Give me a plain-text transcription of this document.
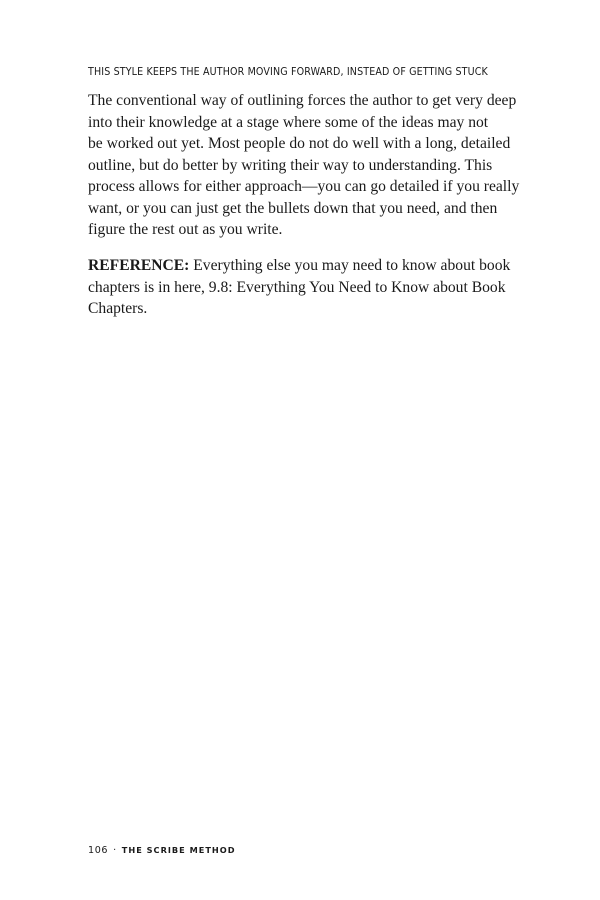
THIS STYLE KEEPS THE AUTHOR MOVING FORWARD, INSTEAD OF GETTING STUCK
The conventional way of outlining forces the author to get very deep
into their knowledge at a stage where some of the ideas may not
be worked out yet. Most people do not do well with a long, detailed
outline, but do better by writing their way to understanding. This
process allows for either approach—you can go detailed if you really
want, or you can just get the bullets down that you need, and then
figure the rest out as you write.
REFERENCE: Everything else you may need to know about book
chapters is in here, 9.8: Everything You Need to Know about Book
Chapters.
106 · THE SCRIBE METHOD
